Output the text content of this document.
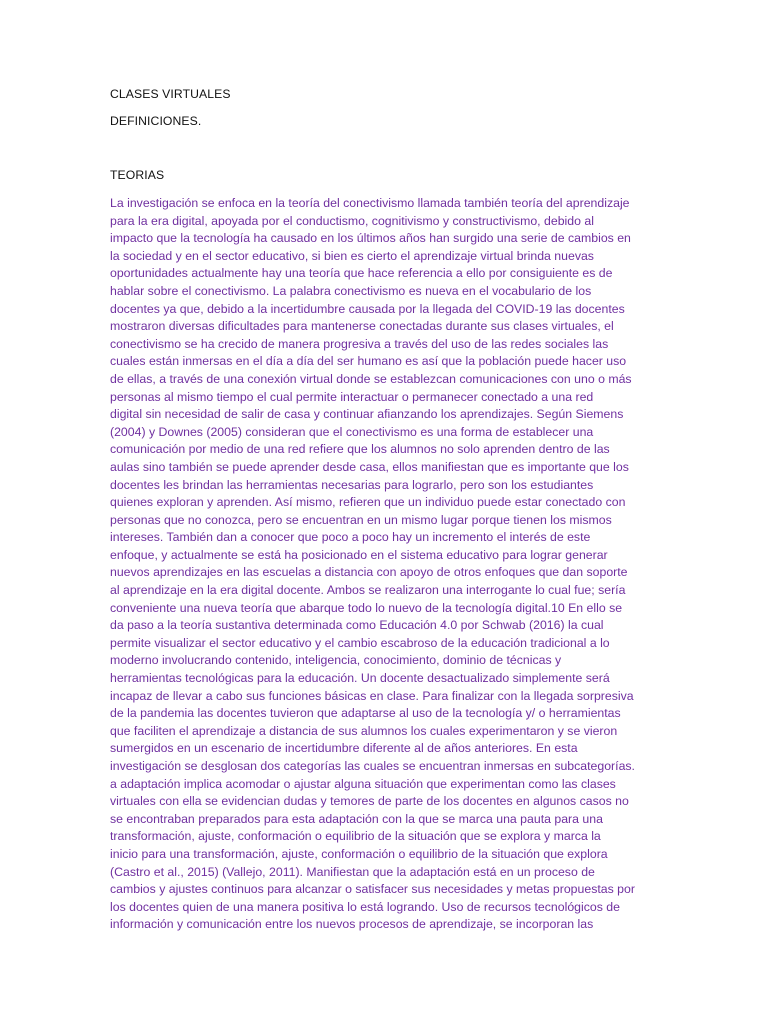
CLASES VIRTUALES
DEFINICIONES.
TEORIAS
La investigación se enfoca en la teoría del conectivismo llamada también teoría del aprendizaje
para la era digital, apoyada por el conductismo, cognitivismo y constructivismo, debido al
impacto que la tecnología ha causado en los últimos años han surgido una serie de cambios en
la sociedad y en el sector educativo, si bien es cierto el aprendizaje virtual brinda nuevas
oportunidades actualmente hay una teoría que hace referencia a ello por consiguiente es de
hablar sobre el conectivismo. La palabra conectivismo es nueva en el vocabulario de los
docentes ya que, debido a la incertidumbre causada por la llegada del COVID-19 las docentes
mostraron diversas dificultades para mantenerse conectadas durante sus clases virtuales, el
conectivismo se ha crecido de manera progresiva a través del uso de las redes sociales las
cuales están inmersas en el día a día del ser humano es así que la población puede hacer uso
de ellas, a través de una conexión virtual donde se establezcan comunicaciones con uno o más
personas al mismo tiempo el cual permite interactuar o permanecer conectado a una red
digital sin necesidad de salir de casa y continuar afianzando los aprendizajes. Según Siemens
(2004) y Downes (2005) consideran que el conectivismo es una forma de establecer una
comunicación por medio de una red refiere que los alumnos no solo aprenden dentro de las
aulas sino también se puede aprender desde casa, ellos manifiestan que es importante que los
docentes les brindan las herramientas necesarias para lograrlo, pero son los estudiantes
quienes exploran y aprenden. Así mismo, refieren que un individuo puede estar conectado con
personas que no conozca, pero se encuentran en un mismo lugar porque tienen los mismos
intereses. También dan a conocer que poco a poco hay un incremento el interés de este
enfoque, y actualmente se está ha posicionado en el sistema educativo para lograr generar
nuevos aprendizajes en las escuelas a distancia con apoyo de otros enfoques que dan soporte
al aprendizaje en la era digital docente. Ambos se realizaron una interrogante lo cual fue; sería
conveniente una nueva teoría que abarque todo lo nuevo de la tecnología digital.10 En ello se
da paso a la teoría sustantiva determinada como Educación 4.0 por Schwab (2016) la cual
permite visualizar el sector educativo y el cambio escabroso de la educación tradicional a lo
moderno involucrando contenido, inteligencia, conocimiento, dominio de técnicas y
herramientas tecnológicas para la educación. Un docente desactualizado simplemente será
incapaz de llevar a cabo sus funciones básicas en clase. Para finalizar con la llegada sorpresiva
de la pandemia las docentes tuvieron que adaptarse al uso de la tecnología y/ o herramientas
que faciliten el aprendizaje a distancia de sus alumnos los cuales experimentaron y se vieron
sumergidos en un escenario de incertidumbre diferente al de años anteriores. En esta
investigación se desglosan dos categorías las cuales se encuentran inmersas en subcategorías.
a adaptación implica acomodar o ajustar alguna situación que experimentan como las clases
virtuales con ella se evidencian dudas y temores de parte de los docentes en algunos casos no
se encontraban preparados para esta adaptación con la que se marca una pauta para una
transformación, ajuste, conformación o equilibrio de la situación que se explora y marca la
inicio para una transformación, ajuste, conformación o equilibrio de la situación que explora
(Castro et al., 2015) (Vallejo, 2011). Manifiestan que la adaptación está en un proceso de
cambios y ajustes continuos para alcanzar o satisfacer sus necesidades y metas propuestas por
los docentes quien de una manera positiva lo está logrando. Uso de recursos tecnológicos de
información y comunicación entre los nuevos procesos de aprendizaje, se incorporan las
